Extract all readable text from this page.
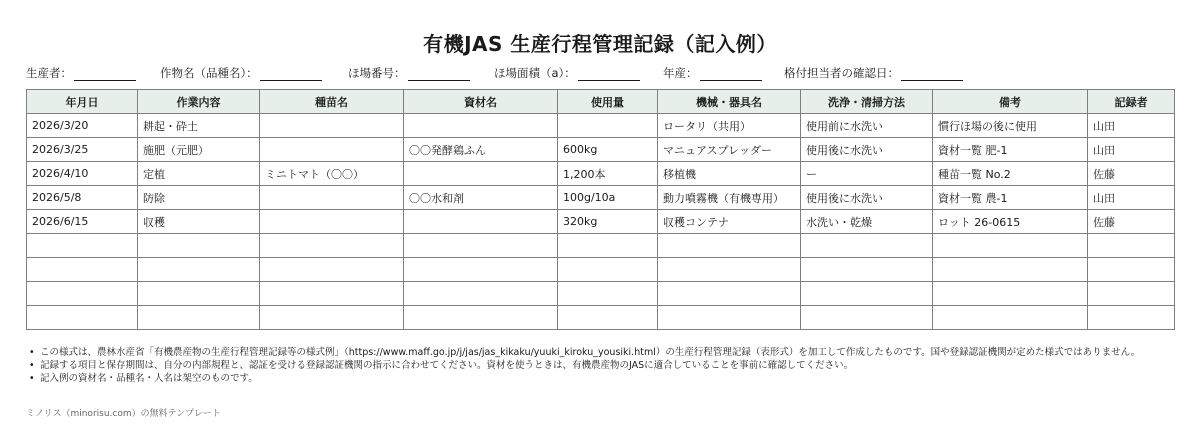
有機JAS 生産行程管理記録（記入例）
生産者：	作物名（品種名）：	ほ場番号：	ほ場面積（a）：	年産：	格付担当者の確認日：
年月日	作業内容	種苗名	資材名	使用量	機械・器具名	洗浄・清掃方法	備考	記録者
2026/3/20	耕起・砕土				ロータリ（共用）	使用前に水洗い	慣行ほ場の後に使用	山田
2026/3/25	施肥（元肥）		〇〇発酵鶏ふん	600kg	マニュアスプレッダー	使用後に水洗い	資材一覧 肥-1	山田
2026/4/10	定植	ミニトマト（〇〇）		1,200本	移植機	ー	種苗一覧 No.2	佐藤
2026/5/8	防除		〇〇水和剤	100g/10a	動力噴霧機（有機専用）	使用後に水洗い	資材一覧 農-1	山田
2026/6/15	収穫			320kg	収穫コンテナ	水洗い・乾燥	ロット 26-0615	佐藤

• この様式は、農林水産省「有機農産物の生産行程管理記録等の様式例」（https://www.maff.go.jp/j/jas/jas_kikaku/yuuki_kiroku_yousiki.html）の生産行程管理記録（表形式）を加工して作成したものです。国や登録認証機関が定めた様式ではありません。
• 記録する項目と保存期間は、自分の内部規程と、認証を受ける登録認証機関の指示に合わせてください。資材を使うときは、有機農産物のJASに適合していることを事前に確認してください。
• 記入例の資材名・品種名・人名は架空のものです。
ミノリス（minorisu.com）の無料テンプレート
